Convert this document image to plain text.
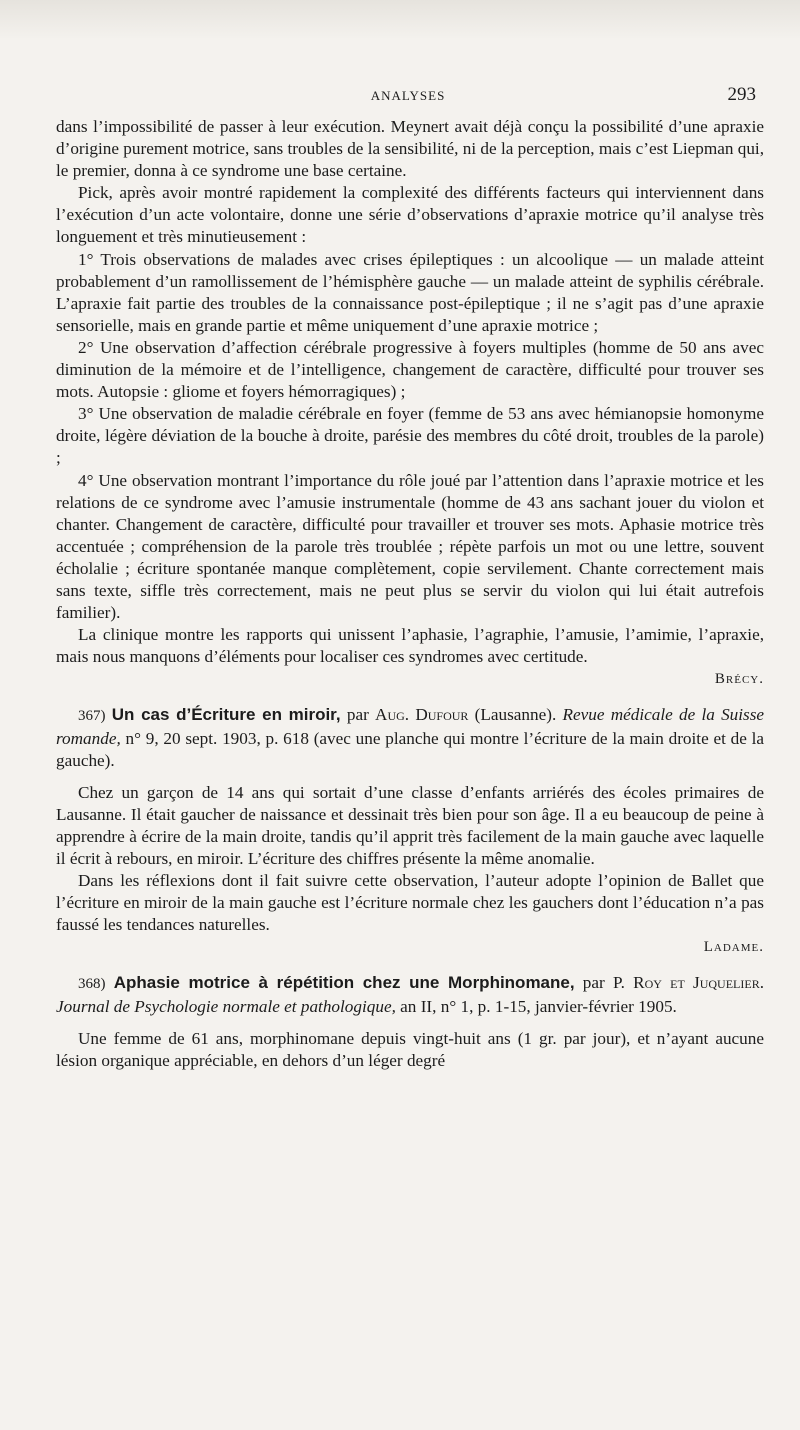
ANALYSES	293

dans l’impossibilité de passer à leur exécution. Meynert avait déjà conçu la possibilité d’une apraxie d’origine purement motrice, sans troubles de la sensibilité, ni de la perception, mais c’est Liepman qui, le premier, donna à ce syndrome une base certaine.

Pick, après avoir montré rapidement la complexité des différents facteurs qui interviennent dans l’exécution d’un acte volontaire, donne une série d’observations d’apraxie motrice qu’il analyse très longuement et très minutieusement :

1° Trois observations de malades avec crises épileptiques : un alcoolique — un malade atteint probablement d’un ramollissement de l’hémisphère gauche — un malade atteint de syphilis cérébrale. L’apraxie fait partie des troubles de la connaissance post-épileptique ; il ne s’agit pas d’une apraxie sensorielle, mais en grande partie et même uniquement d’une apraxie motrice ;

2° Une observation d’affection cérébrale progressive à foyers multiples (homme de 50 ans avec diminution de la mémoire et de l’intelligence, changement de caractère, difficulté pour trouver ses mots. Autopsie : gliome et foyers hémorragiques) ;

3° Une observation de maladie cérébrale en foyer (femme de 53 ans avec hémianopsie homonyme droite, légère déviation de la bouche à droite, parésie des membres du côté droit, troubles de la parole) ;

4° Une observation montrant l’importance du rôle joué par l’attention dans l’apraxie motrice et les relations de ce syndrome avec l’amusie instrumentale (homme de 43 ans sachant jouer du violon et chanter. Changement de caractère, difficulté pour travailler et trouver ses mots. Aphasie motrice très accentuée ; compréhension de la parole très troublée ; répète parfois un mot ou une lettre, souvent écholalie ; écriture spontanée manque complètement, copie servilement. Chante correctement mais sans texte, siffle très correctement, mais ne peut plus se servir du violon qui lui était autrefois familier).

La clinique montre les rapports qui unissent l’aphasie, l’agraphie, l’amusie, l’amimie, l’apraxie, mais nous manquons d’éléments pour localiser ces syndromes avec certitude.

Brécy.

367) Un cas d’Écriture en miroir, par Aug. Dufour (Lausanne). Revue médicale de la Suisse romande, n° 9, 20 sept. 1903, p. 618 (avec une planche qui montre l’écriture de la main droite et de la gauche).

Chez un garçon de 14 ans qui sortait d’une classe d’enfants arriérés des écoles primaires de Lausanne. Il était gaucher de naissance et dessinait très bien pour son âge. Il a eu beaucoup de peine à apprendre à écrire de la main droite, tandis qu’il apprit très facilement de la main gauche avec laquelle il écrit à rebours, en miroir. L’écriture des chiffres présente la même anomalie.

Dans les réflexions dont il fait suivre cette observation, l’auteur adopte l’opinion de Ballet que l’écriture en miroir de la main gauche est l’écriture normale chez les gauchers dont l’éducation n’a pas faussé les tendances naturelles.

Ladame.

368) Aphasie motrice à répétition chez une Morphinomane, par P. Roy et Juquelier. Journal de Psychologie normale et pathologique, an II, n° 1, p. 1-15, janvier-février 1905.

Une femme de 61 ans, morphinomane depuis vingt-huit ans (1 gr. par jour), et n’ayant aucune lésion organique appréciable, en dehors d’un léger degré
